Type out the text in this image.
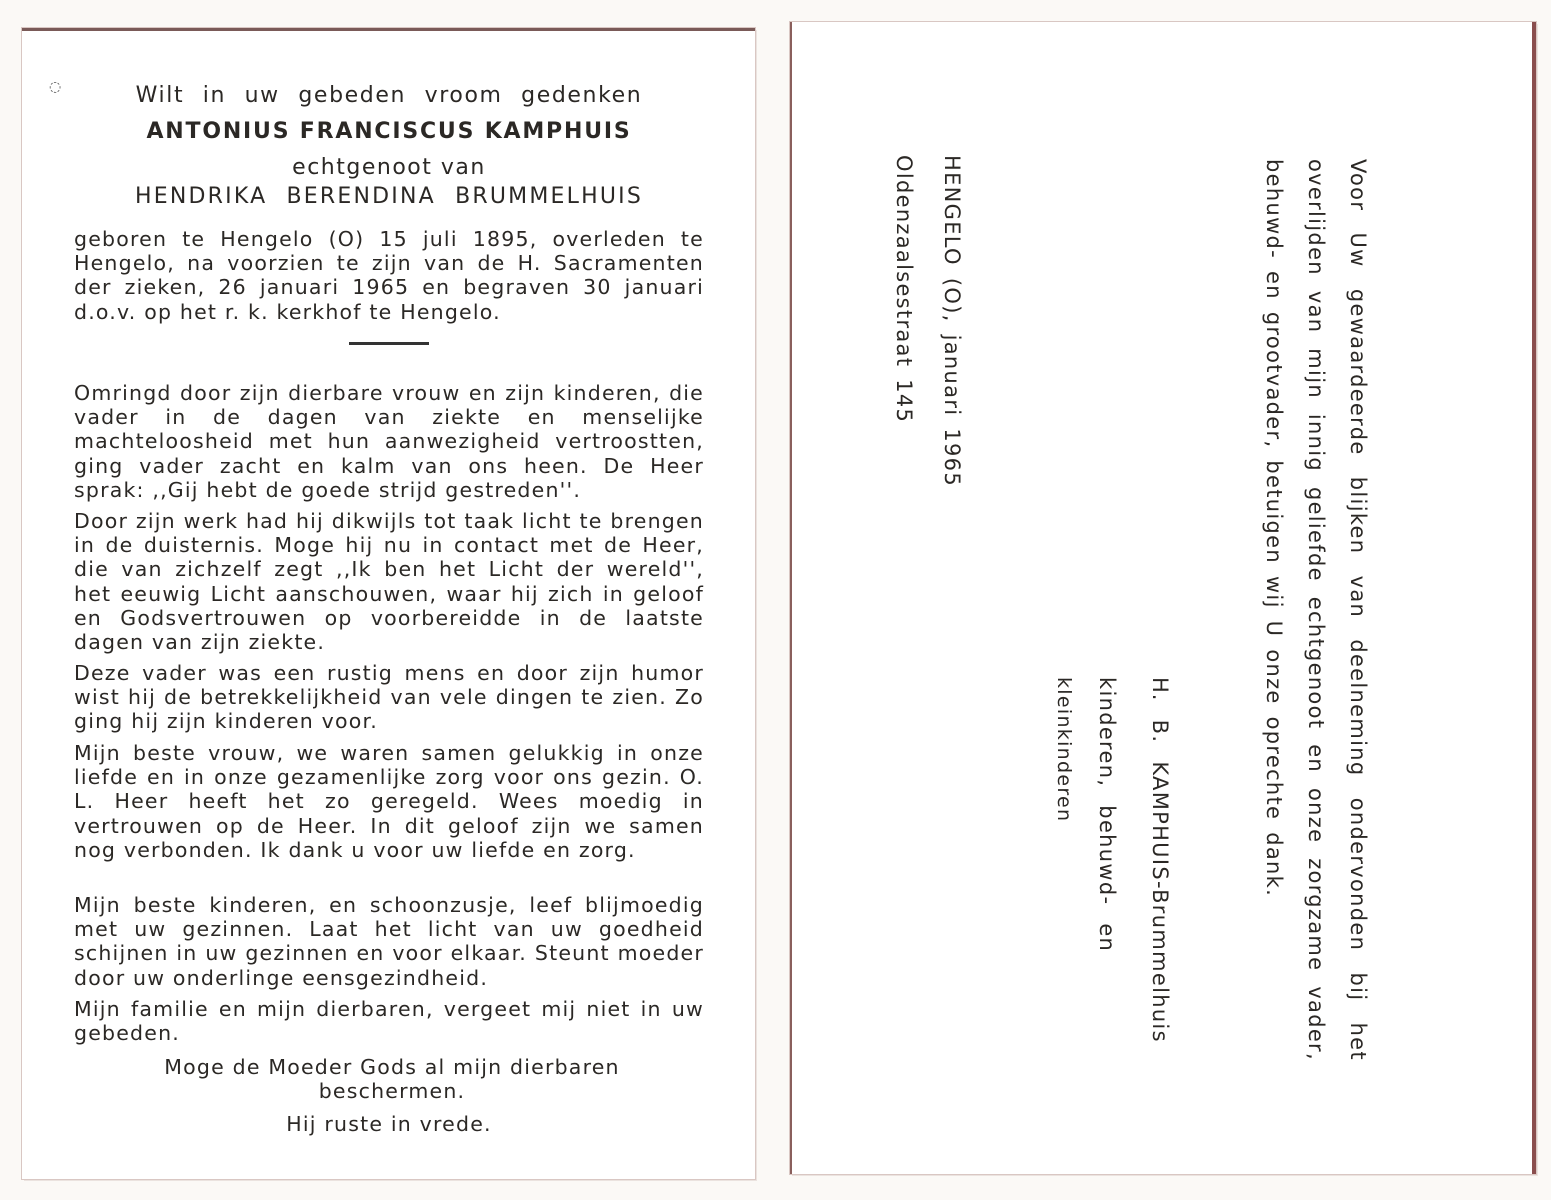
◌	Wilt in uw gebeden vroom gedenken
ANTONIUS FRANCISCUS KAMPHUIS
echtgenoot van
HENDRIKA BERENDINA BRUMMELHUIS
geboren te Hengelo (O) 15 juli 1895, overleden te Hengelo, na voorzien te zijn van de H. Sacramenten der zieken, 26 januari 1965 en begraven 30 januari d.o.v. op het r. k. kerkhof te Hengelo.
Omringd door zijn dierbare vrouw en zijn kinderen, die vader in de dagen van ziekte en menselijke machteloosheid met hun aanwezigheid vertroostten, ging vader zacht en kalm van ons heen. De Heer sprak: ,,Gij hebt de goede strijd gestreden''.
Door zijn werk had hij dikwijls tot taak licht te brengen in de duisternis. Moge hij nu in contact met de Heer, die van zichzelf zegt ,,Ik ben het Licht der wereld'', het eeuwig Licht aanschouwen, waar hij zich in geloof en Godsvertrouwen op voorbereidde in de laatste dagen van zijn ziekte.
Deze vader was een rustig mens en door zijn humor wist hij de betrekkelijkheid van vele dingen te zien. Zo ging hij zijn kinderen voor.
Mijn beste vrouw, we waren samen gelukkig in onze liefde en in onze gezamenlijke zorg voor ons gezin. O. L. Heer heeft het zo geregeld. Wees moedig in vertrouwen op de Heer. In dit geloof zijn we samen nog verbonden. Ik dank u voor uw liefde en zorg.
Mijn beste kinderen, en schoonzusje, leef blijmoedig met uw gezinnen. Laat het licht van uw goedheid schijnen in uw gezinnen en voor elkaar. Steunt moeder door uw onderlinge eensgezindheid.
Mijn familie en mijn dierbaren, vergeet mij niet in uw gebeden.
Moge de Moeder Gods al mijn dierbaren beschermen.
Hij ruste in vrede.
Voor
Uw
gewaardeerde
blijken
van
deelneming
ondervonden
bij
het
overlijden
van
mijn
innig
geliefde
echtgenoot
en
onze
zorgzame
vader,
behuwd- en grootvader, betuigen wij U onze oprechte dank.
H. B. KAMPHUIS-Brummelhuis
kinderen, behuwd- en
kleinkinderen
HENGELO (O), januari 1965
Oldenzaalsestraat 145
